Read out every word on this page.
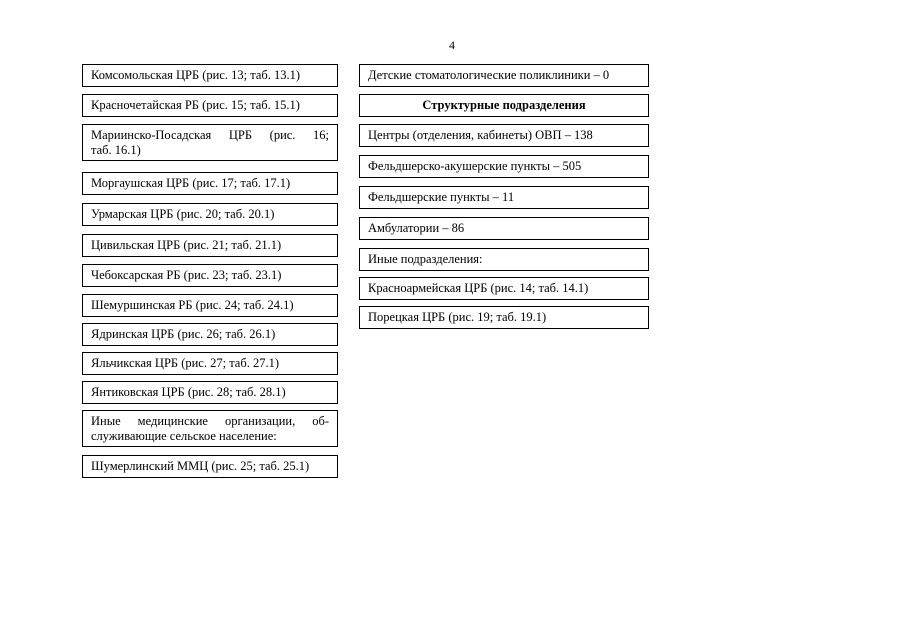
4
Комсомольская ЦРБ (рис. 13; таб. 13.1)
Красночетайская РБ (рис. 15; таб. 15.1)
Мариинско-Посадская ЦРБ (рис. 16;
таб. 16.1)
Моргаушская ЦРБ (рис. 17; таб. 17.1)
Урмарская ЦРБ (рис. 20; таб. 20.1)
Цивильская ЦРБ (рис. 21; таб. 21.1)
Чебоксарская РБ (рис. 23; таб. 23.1)
Шемуршинская РБ (рис. 24; таб. 24.1)
Ядринская ЦРБ (рис. 26; таб. 26.1)
Яльчикская ЦРБ (рис. 27; таб. 27.1)
Янтиковская ЦРБ (рис. 28; таб. 28.1)
Иные медицинские организации, об-
служивающие сельское население:
Шумерлинский ММЦ (рис. 25; таб. 25.1)
Детские стоматологические поликлиники – 0
Структурные подразделения
Центры (отделения, кабинеты) ОВП – 138
Фельдшерско-акушерские пункты – 505
Фельдшерские пункты – 11
Амбулатории – 86
Иные подразделения:
Красноармейская ЦРБ (рис. 14; таб. 14.1)
Порецкая ЦРБ (рис. 19; таб. 19.1)
